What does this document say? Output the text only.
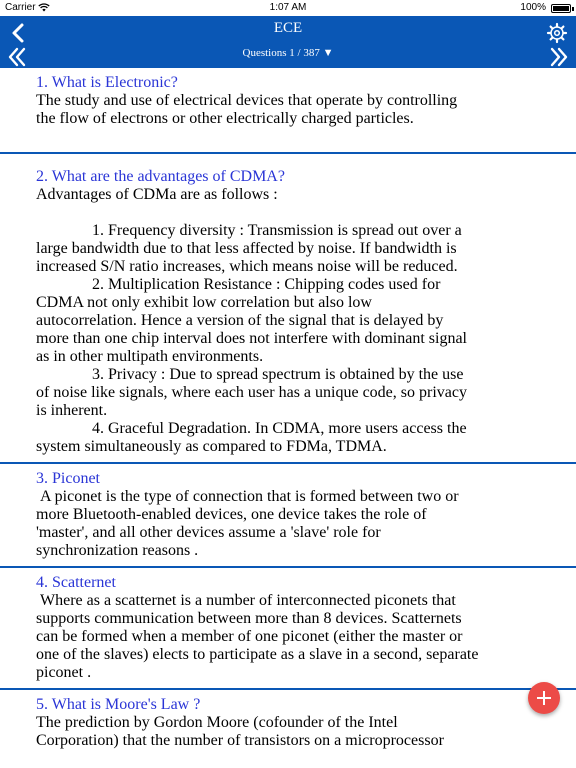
Carrier	1:07 AM	100%
ECE
Questions 1 / 387 ▼
1. What is Electronic?
The study and use of electrical devices that operate by controlling
the flow of electrons or other electrically charged particles.

2. What are the advantages of CDMA?
Advantages of CDMa are as follows :

1. Frequency diversity : Transmission is spread out over a
large bandwidth due to that less affected by noise. If bandwidth is
increased S/N ratio increases, which means noise will be reduced.
2. Multiplication Resistance : Chipping codes used for
CDMA not only exhibit low correlation but also low
autocorrelation. Hence a version of the signal that is delayed by
more than one chip interval does not interfere with dominant signal
as in other multipath environments.
3. Privacy : Due to spread spectrum is obtained by the use
of noise like signals, where each user has a unique code, so privacy
is inherent.
4. Graceful Degradation. In CDMA, more users access the
system simultaneously as compared to FDMa, TDMA.
3. Piconet
A piconet is the type of connection that is formed between two or
more Bluetooth-enabled devices, one device takes the role of
'master', and all other devices assume a 'slave' role for
synchronization reasons .
4. Scatternet
Where as a scatternet is a number of interconnected piconets that
supports communication between more than 8 devices. Scatternets
can be formed when a member of one piconet (either the master or
one of the slaves) elects to participate as a slave in a second, separate
piconet .
5. What is Moore's Law ?
The prediction by Gordon Moore (cofounder of the Intel
Corporation) that the number of transistors on a microprocessor
